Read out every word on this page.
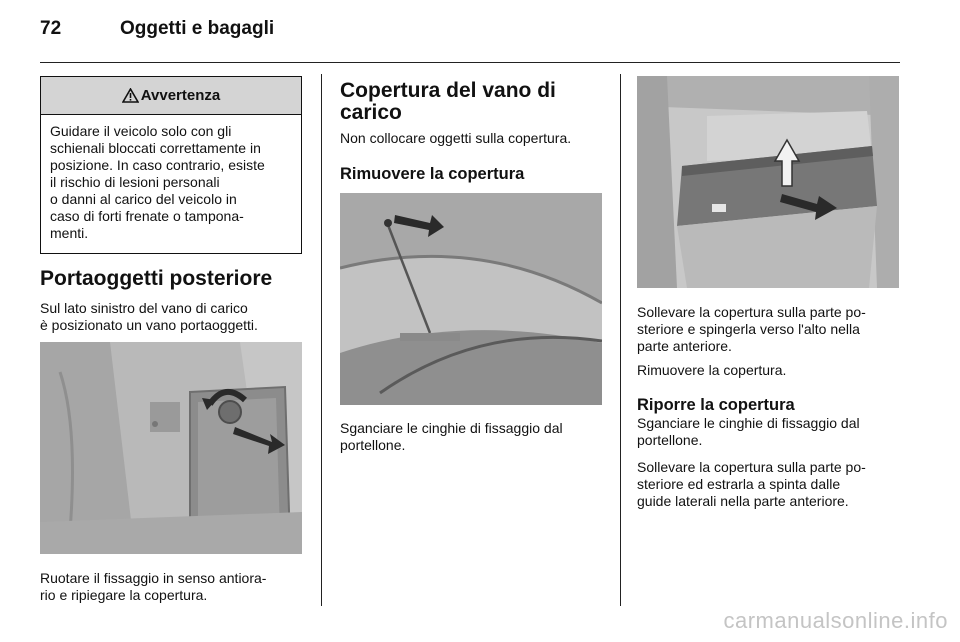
72	Oggetti e bagagli
Avvertenza
Guidare il veicolo solo con gli
schienali bloccati correttamente in
posizione. In caso contrario, esiste
il rischio di lesioni personali
o danni al carico del veicolo in
caso di forti frenate o tampona-
menti.
Portaoggetti posteriore
Sul lato sinistro del vano di carico
è posizionato un vano portaoggetti.
Ruotare il fissaggio in senso antiora-
rio e ripiegare la copertura.
Copertura del vano di
carico
Non collocare oggetti sulla copertura.
Rimuovere la copertura
Sganciare le cinghie di fissaggio dal
portellone.
Sollevare la copertura sulla parte po-
steriore e spingerla verso l'alto nella
parte anteriore.
Rimuovere la copertura.
Riporre la copertura
Sganciare le cinghie di fissaggio dal
portellone.
Sollevare la copertura sulla parte po-
steriore ed estrarla a spinta dalle
guide laterali nella parte anteriore.
carmanualsonline.info
